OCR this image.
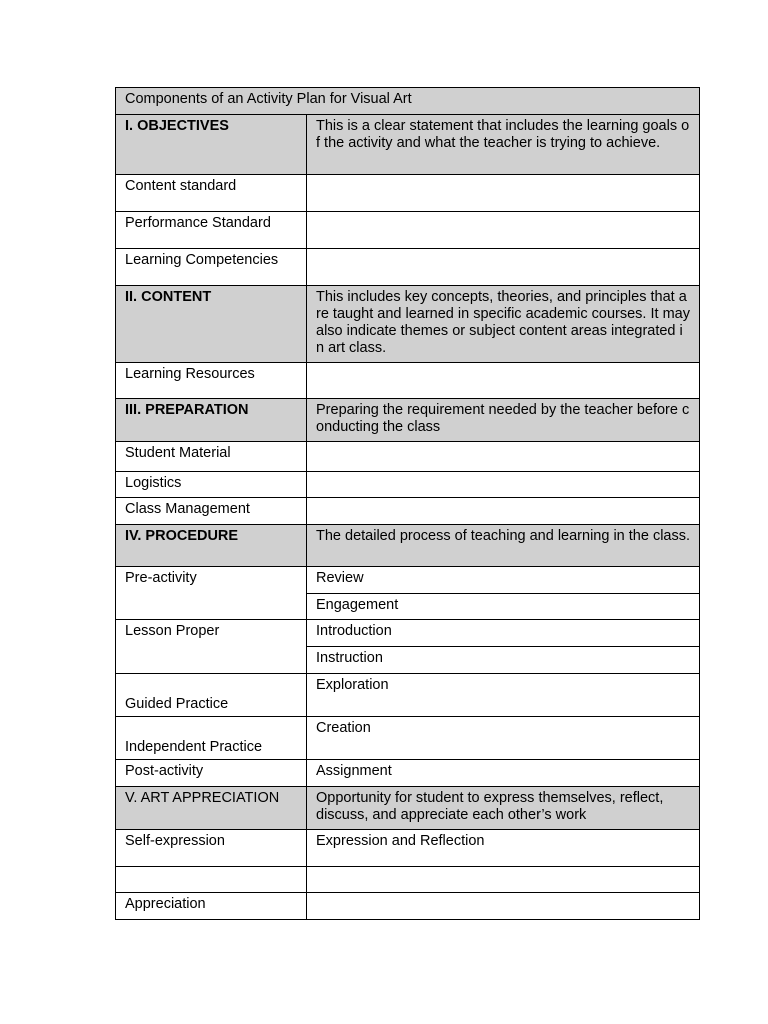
Components of an Activity Plan for Visual Art	
I. OBJECTIVES	This is a clear statement that includes the learning goals of the activity and what the teacher is trying to achieve.
Content standard	
Performance Standard	
Learning Competencies	
II. CONTENT	This includes key concepts, theories, and principles that are taught and learned in specific academic courses. It may also indicate themes or subject content areas integrated in art class.
Learning Resources	
III. PREPARATION	Preparing the requirement needed by the teacher before conducting the class
Student Material	
Logistics	
Class Management	
IV. PROCEDURE	The detailed process of teaching and learning in the class.
Pre-activity	Review
	Engagement
Lesson Proper	Introduction
	Instruction
Guided Practice	Exploration
Independent Practice	Creation
Post-activity	Assignment
V. ART APPRECIATION	Opportunity for student to express themselves, reflect, discuss, and appreciate each other’s work
Self-expression	Expression and Reflection

Appreciation	
